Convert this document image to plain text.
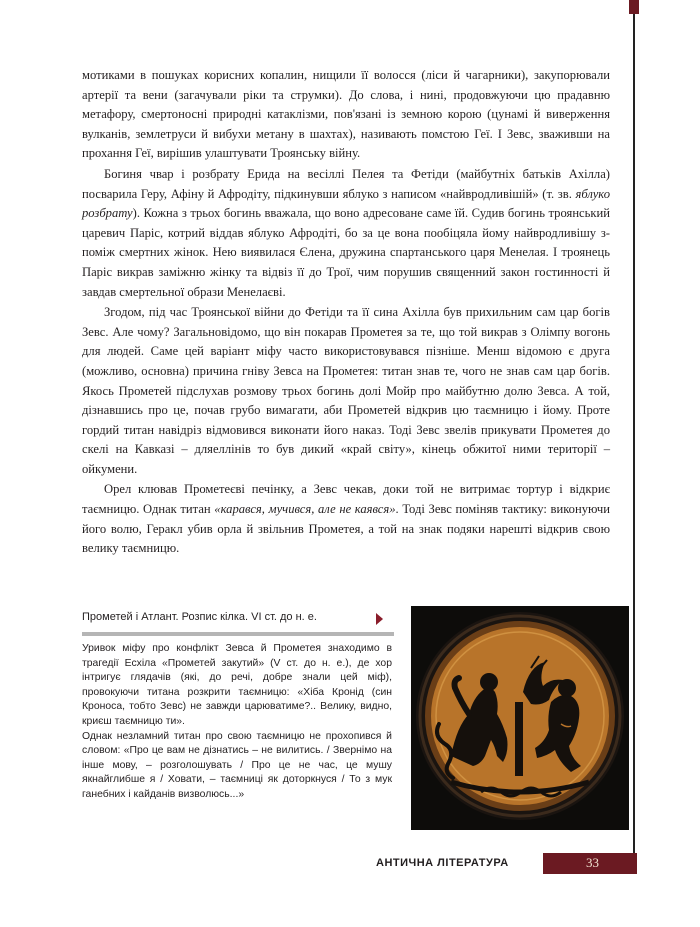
мотиками в пошуках корисних копалин, нищили її волосся (ліси й чагарники), закупорювали артерії та вени (загачували ріки та струмки). До слова, і нині, продовжуючи цю прадавню метафору, смертоносні природні катаклізми, пов'язані із земною корою (цунамі й виверження вулканів, землетруси й вибухи метану в шахтах), називають помстою Геї. І Зевс, зваживши на прохання Геї, вирішив улаштувати Троянську війну.

Богиня чвар і розбрату Ерида на весіллі Пелея та Фетіди (майбутніх батьків Ахілла) посварила Геру, Афіну й Афродіту, підкинувши яблуко з написом «найвродливішій» (т. зв. яблуко розбрату). Кожна з трьох богинь вважала, що воно адресоване саме їй. Судив богинь троянський царевич Паріс, котрий віддав яблуко Афродіті, бо за це вона пообіцяла йому найвродливішу з-поміж смертних жінок. Нею виявилася Єлена, дружина спартанського царя Менелая. І троянець Паріс викрав заміжню жінку та відвіз її до Трої, чим порушив священний закон гостинності й завдав смертельної образи Менелаєві.

Згодом, під час Троянської війни до Фетіди та її сина Ахілла був прихильним сам цар богів Зевс. Але чому? Загальновідомо, що він покарав Прометея за те, що той викрав з Олімпу вогонь для людей. Саме цей варіант міфу часто використовувався пізніше. Менш відомою є друга (можливо, основна) причина гніву Зевса на Прометея: титан знав те, чого не знав сам цар богів. Якось Прометей підслухав розмову трьох богинь долі Мойр про майбутню долю Зевса. А той, дізнавшись про це, почав грубо вимагати, аби Прометей відкрив цю таємницю і йому. Проте гордий титан навідріз відмовився виконати його наказ. Тоді Зевс звелів прикувати Прометея до скелі на Кавказі – дляеллінів то був дикий «край світу», кінець обжитої ними території – ойкумени.

Орел клював Прометеєві печінку, а Зевс чекав, доки той не витримає тортур і відкриє таємницю. Однак титан «карався, мучився, але не каявся». Тоді Зевс поміняв тактику: виконуючи його волю, Геракл убив орла й звільнив Прометея, а той на знак подяки нарешті відкрив свою велику таємницю.

Прометей і Атлант. Розпис кілка. VI ст. до н. е.

Уривок міфу про конфлікт Зевса й Прометея знаходимо в трагедії Есхіла «Прометей закутий» (V ст. до н. е.), де хор інтригує глядачів (які, до речі, добре знали цей міф), провокуючи титана розкрити таємницю: «Хіба Кронід (син Кроноса, тобто Зевс) не завжди царюватиме?.. Велику, видно, криєш таємницю ти».

Однак незламний титан про свою таємницю не прохопився й словом: «Про це вам не дізнатись – не вилитись. / Звернімо на інше мову, – розголошувать / Про це не час, це мушу якнайглибше я / Ховати, – таємниці як доторкнуся / То з мук ганебних і кайданів визволюсь...»

АНТИЧНА ЛІТЕРАТУРА	33
